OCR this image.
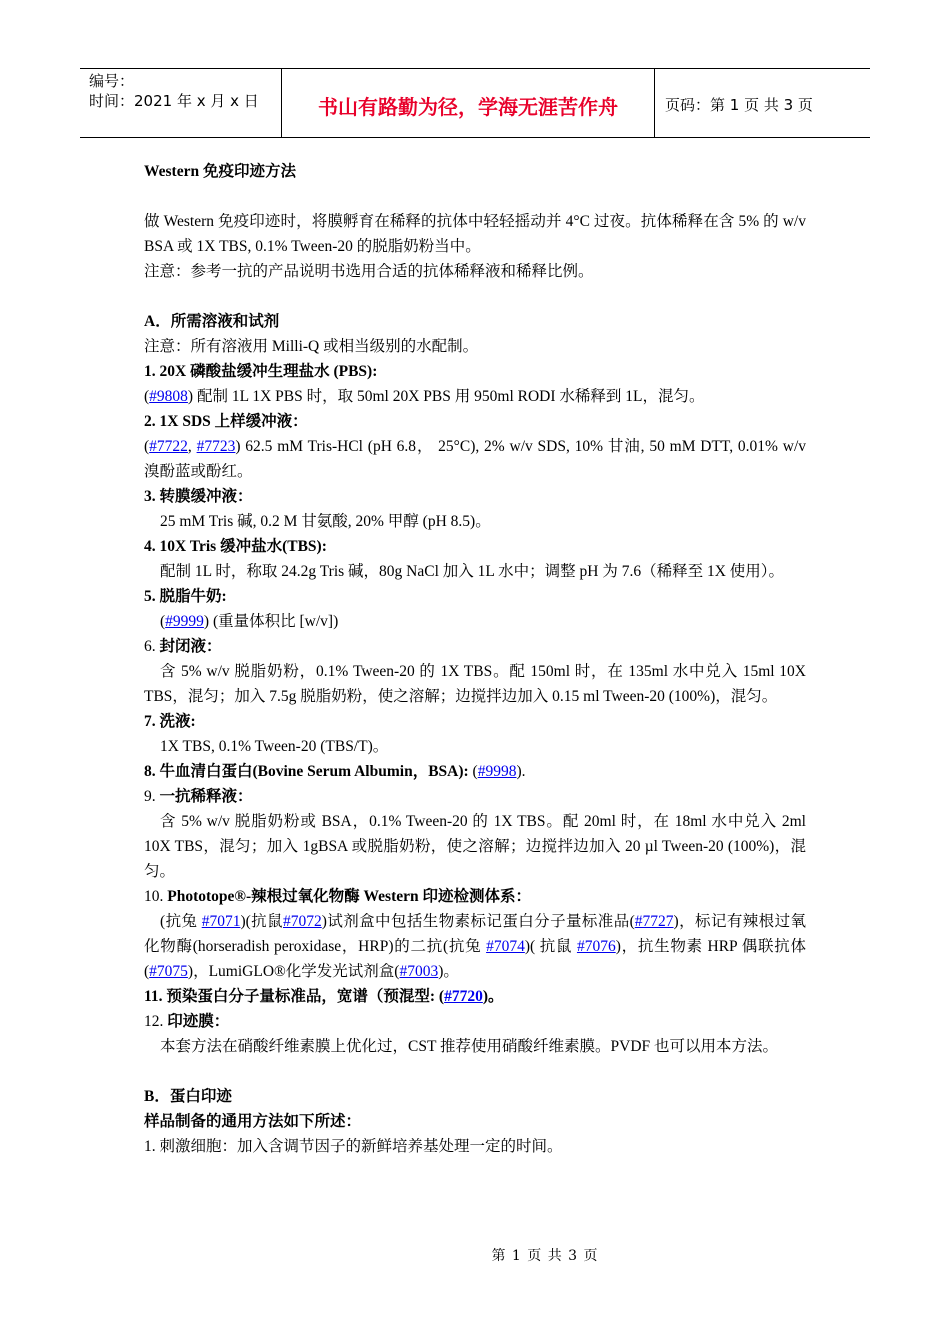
编号：
时间：2021 年 x 月 x 日	书山有路勤为径，学海无涯苦作舟	页码：第 1 页 共 3 页

Western 免疫印迹方法

做 Western 免疫印迹时，将膜孵育在稀释的抗体中轻轻摇动并 4°C 过夜。抗体稀释在含 5% 的 w/v BSA 或 1X TBS, 0.1% Tween-20 的脱脂奶粉当中。

注意：参考一抗的产品说明书选用合适的抗体稀释液和稀释比例。

A．所需溶液和试剂

注意：所有溶液用 Milli-Q 或相当级别的水配制。

1. 20X 磷酸盐缓冲生理盐水 (PBS):

(#9808) 配制 1L 1X PBS 时，取 50ml 20X PBS 用 950ml RODI 水稀释到 1L，混匀。

2. 1X SDS 上样缓冲液：

(#7722, #7723) 62.5 mM Tris-HCl (pH 6.8， 25°C), 2% w/v SDS, 10% 甘油, 50 mM DTT, 0.01% w/v 溴酚蓝或酚红。

3. 转膜缓冲液：

25 mM Tris 碱, 0.2 M 甘氨酸, 20% 甲醇 (pH 8.5)。

4. 10X Tris 缓冲盐水(TBS):

配制 1L 时，称取 24.2g Tris 碱，80g NaCl 加入 1L 水中；调整 pH 为 7.6（稀释至 1X 使用）。

5. 脱脂牛奶:

(#9999) (重量体积比 [w/v])

6. 封闭液：

含 5% w/v 脱脂奶粉，0.1% Tween-20 的 1X TBS。配 150ml 时，在 135ml 水中兑入 15ml 10X TBS，混匀；加入 7.5g 脱脂奶粉，使之溶解；边搅拌边加入 0.15 ml Tween-20 (100%)，混匀。

7. 洗液:

1X TBS, 0.1% Tween-20 (TBS/T)。

8. 牛血清白蛋白(Bovine Serum Albumin，BSA): (#9998).

9. 一抗稀释液：

含 5% w/v 脱脂奶粉或 BSA，0.1% Tween-20 的 1X TBS。配 20ml 时，在 18ml 水中兑入 2ml 10X TBS，混匀；加入 1gBSA 或脱脂奶粉，使之溶解；边搅拌边加入 20 µl Tween-20 (100%)，混匀。

10. Phototope®-辣根过氧化物酶 Western 印迹检测体系：

(抗兔 #7071)(抗鼠#7072)试剂盒中包括生物素标记蛋白分子量标准品(#7727)，标记有辣根过氧化物酶(horseradish peroxidase，HRP)的二抗(抗兔 #7074)( 抗鼠 #7076)，抗生物素 HRP 偶联抗体(#7075)，LumiGLO®化学发光试剂盒(#7003)。

11. 预染蛋白分子量标准品，宽谱（预混型: (#7720)。

12. 印迹膜：

本套方法在硝酸纤维素膜上优化过，CST 推荐使用硝酸纤维素膜。PVDF 也可以用本方法。

B．蛋白印迹

样品制备的通用方法如下所述：

1. 刺激细胞：加入含调节因子的新鲜培养基处理一定的时间。

第 1 页 共 3 页
